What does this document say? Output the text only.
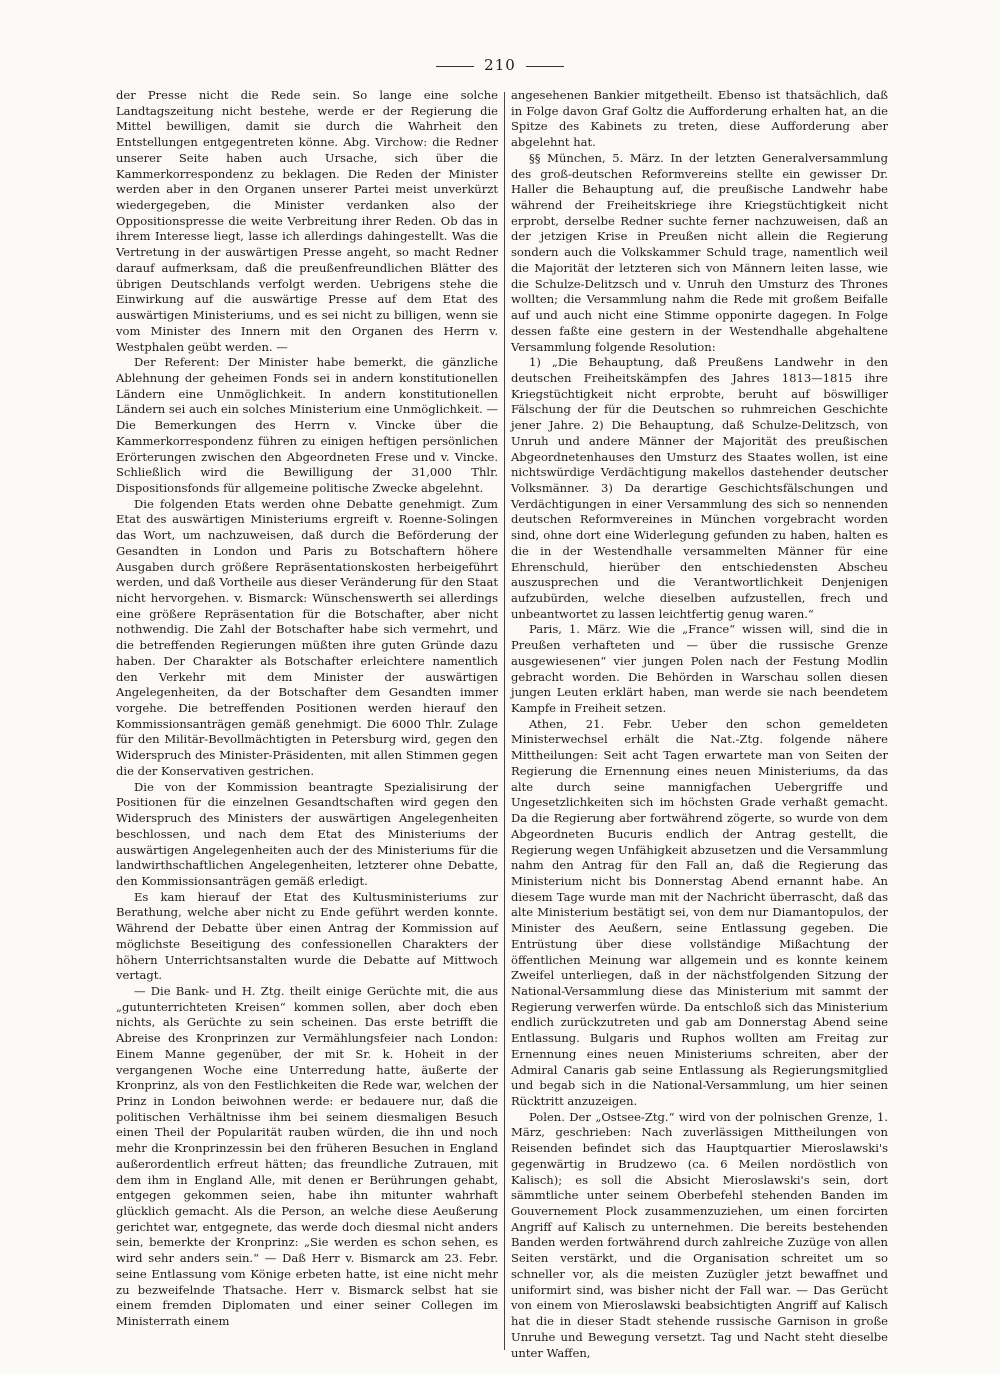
210

der Presse nicht die Rede sein. So lange eine solche Landtagszeitung nicht bestehe, werde er der Regierung die Mittel bewilligen, damit sie durch die Wahrheit den Entstellungen entgegentreten könne. Abg. Virchow: die Redner unserer Seite haben auch Ursache, sich über die Kammerkorrespondenz zu beklagen. Die Reden der Minister werden aber in den Organen unserer Partei meist unverkürzt wiedergegeben, die Minister verdanken also der Oppositionspresse die weite Verbreitung ihrer Reden. Ob das in ihrem Interesse liegt, lasse ich allerdings dahingestellt. Was die Vertretung in der auswärtigen Presse angeht, so macht Redner darauf aufmerksam, daß die preußenfreundlichen Blätter des übrigen Deutschlands verfolgt werden. Uebrigens stehe die Einwirkung auf die auswärtige Presse auf dem Etat des auswärtigen Ministeriums, und es sei nicht zu billigen, wenn sie vom Minister des Innern mit den Organen des Herrn v. Westphalen geübt werden. —

Der Referent: Der Minister habe bemerkt, die gänzliche Ablehnung der geheimen Fonds sei in andern konstitutionellen Ländern eine Unmöglichkeit. In andern konstitutionellen Ländern sei auch ein solches Ministerium eine Unmöglichkeit. — Die Bemerkungen des Herrn v. Vincke über die Kammerkorrespondenz führen zu einigen heftigen persönlichen Erörterungen zwischen den Abgeordneten Frese und v. Vincke. Schließlich wird die Bewilligung der 31,000 Thlr. Dispositionsfonds für allgemeine politische Zwecke abgelehnt.

Die folgenden Etats werden ohne Debatte genehmigt. Zum Etat des auswärtigen Ministeriums ergreift v. Roenne-Solingen das Wort, um nachzuweisen, daß durch die Beförderung der Gesandten in London und Paris zu Botschaftern höhere Ausgaben durch größere Repräsentationskosten herbeigeführt werden, und daß Vortheile aus dieser Veränderung für den Staat nicht hervorgehen. v. Bismarck: Wünschenswerth sei allerdings eine größere Repräsentation für die Botschafter, aber nicht nothwendig. Die Zahl der Botschafter habe sich vermehrt, und die betreffenden Regierungen müßten ihre guten Gründe dazu haben. Der Charakter als Botschafter erleichtere namentlich den Verkehr mit dem Minister der auswärtigen Angelegenheiten, da der Botschafter dem Gesandten immer vorgehe. Die betreffenden Positionen werden hierauf den Kommissionsanträgen gemäß genehmigt. Die 6000 Thlr. Zulage für den Militär-Bevollmächtigten in Petersburg wird, gegen den Widerspruch des Minister-Präsidenten, mit allen Stimmen gegen die der Konservativen gestrichen.

Die von der Kommission beantragte Spezialisirung der Positionen für die einzelnen Gesandtschaften wird gegen den Widerspruch des Ministers der auswärtigen Angelegenheiten beschlossen, und nach dem Etat des Ministeriums der auswärtigen Angelegenheiten auch der des Ministeriums für die landwirthschaftlichen Angelegenheiten, letzterer ohne Debatte, den Kommissionsanträgen gemäß erledigt.

Es kam hierauf der Etat des Kultusministeriums zur Berathung, welche aber nicht zu Ende geführt werden konnte. Während der Debatte über einen Antrag der Kommission auf möglichste Beseitigung des confessionellen Charakters der höhern Unterrichtsanstalten wurde die Debatte auf Mittwoch vertagt.

— Die Bank- und H. Ztg. theilt einige Gerüchte mit, die aus „gutunterrichteten Kreisen“ kommen sollen, aber doch eben nichts, als Gerüchte zu sein scheinen. Das erste betrifft die Abreise des Kronprinzen zur Vermählungsfeier nach London: Einem Manne gegenüber, der mit Sr. k. Hoheit in der vergangenen Woche eine Unterredung hatte, äußerte der Kronprinz, als von den Festlichkeiten die Rede war, welchen der Prinz in London beiwohnen werde: er bedauere nur, daß die politischen Verhältnisse ihm bei seinem diesmaligen Besuch einen Theil der Popularität rauben würden, die ihn und noch mehr die Kronprinzessin bei den früheren Besuchen in England außerordentlich erfreut hätten; das freundliche Zutrauen, mit dem ihm in England Alle, mit denen er Berührungen gehabt, entgegen gekommen seien, habe ihn mitunter wahrhaft glücklich gemacht. Als die Person, an welche diese Aeußerung gerichtet war, entgegnete, das werde doch diesmal nicht anders sein, bemerkte der Kronprinz: „Sie werden es schon sehen, es wird sehr anders sein.“ — Daß Herr v. Bismarck am 23. Febr. seine Entlassung vom Könige erbeten hatte, ist eine nicht mehr zu bezweifelnde Thatsache. Herr v. Bismarck selbst hat sie einem fremden Diplomaten und einer seiner Collegen im Ministerrath einem

angesehenen Bankier mitgetheilt. Ebenso ist thatsächlich, daß in Folge davon Graf Goltz die Aufforderung erhalten hat, an die Spitze des Kabinets zu treten, diese Aufforderung aber abgelehnt hat.

§§ München, 5. März. In der letzten Generalversammlung des groß-deutschen Reformvereins stellte ein gewisser Dr. Haller die Behauptung auf, die preußische Landwehr habe während der Freiheitskriege ihre Kriegstüchtigkeit nicht erprobt, derselbe Redner suchte ferner nachzuweisen, daß an der jetzigen Krise in Preußen nicht allein die Regierung sondern auch die Volkskammer Schuld trage, namentlich weil die Majorität der letzteren sich von Männern leiten lasse, wie die Schulze-Delitzsch und v. Unruh den Umsturz des Thrones wollten; die Versammlung nahm die Rede mit großem Beifalle auf und auch nicht eine Stimme opponirte dagegen. In Folge dessen faßte eine gestern in der Westendhalle abgehaltene Versammlung folgende Resolution:

1) „Die Behauptung, daß Preußens Landwehr in den deutschen Freiheitskämpfen des Jahres 1813—1815 ihre Kriegstüchtigkeit nicht erprobte, beruht auf böswilliger Fälschung der für die Deutschen so ruhmreichen Geschichte jener Jahre. 2) Die Behauptung, daß Schulze-Delitzsch, von Unruh und andere Männer der Majorität des preußischen Abgeordnetenhauses den Umsturz des Staates wollen, ist eine nichtswürdige Verdächtigung makellos dastehender deutscher Volksmänner. 3) Da derartige Geschichtsfälschungen und Verdächtigungen in einer Versammlung des sich so nennenden deutschen Reformvereines in München vorgebracht worden sind, ohne dort eine Widerlegung gefunden zu haben, halten es die in der Westendhalle versammelten Männer für eine Ehrenschuld, hierüber den entschiedensten Abscheu auszusprechen und die Verantwortlichkeit Denjenigen aufzubürden, welche dieselben aufzustellen, frech und unbeantwortet zu lassen leichtfertig genug waren.“

Paris, 1. März. Wie die „France“ wissen will, sind die in Preußen verhafteten und — über die russische Grenze ausgewiesenen“ vier jungen Polen nach der Festung Modlin gebracht worden. Die Behörden in Warschau sollen diesen jungen Leuten erklärt haben, man werde sie nach beendetem Kampfe in Freiheit setzen.

Athen, 21. Febr. Ueber den schon gemeldeten Ministerwechsel erhält die Nat.-Ztg. folgende nähere Mittheilungen: Seit acht Tagen erwartete man von Seiten der Regierung die Ernennung eines neuen Ministeriums, da das alte durch seine mannigfachen Uebergriffe und Ungesetzlichkeiten sich im höchsten Grade verhaßt gemacht. Da die Regierung aber fortwährend zögerte, so wurde von dem Abgeordneten Bucuris endlich der Antrag gestellt, die Regierung wegen Unfähigkeit abzusetzen und die Versammlung nahm den Antrag für den Fall an, daß die Regierung das Ministerium nicht bis Donnerstag Abend ernannt habe. An diesem Tage wurde man mit der Nachricht überrascht, daß das alte Ministerium bestätigt sei, von dem nur Diamantopulos, der Minister des Aeußern, seine Entlassung gegeben. Die Entrüstung über diese vollständige Mißachtung der öffentlichen Meinung war allgemein und es konnte keinem Zweifel unterliegen, daß in der nächstfolgenden Sitzung der National-Versammlung diese das Ministerium mit sammt der Regierung verwerfen würde. Da entschloß sich das Ministerium endlich zurückzutreten und gab am Donnerstag Abend seine Entlassung. Bulgaris und Ruphos wollten am Freitag zur Ernennung eines neuen Ministeriums schreiten, aber der Admiral Canaris gab seine Entlassung als Regierungsmitglied und begab sich in die National-Versammlung, um hier seinen Rücktritt anzuzeigen.

Polen. Der „Ostsee-Ztg.“ wird von der polnischen Grenze, 1. März, geschrieben: Nach zuverlässigen Mittheilungen von Reisenden befindet sich das Hauptquartier Mieroslawski's gegenwärtig in Brudzewo (ca. 6 Meilen nordöstlich von Kalisch); es soll die Absicht Mieroslawski's sein, dort sämmtliche unter seinem Oberbefehl stehenden Banden im Gouvernement Plock zusammenzuziehen, um einen forcirten Angriff auf Kalisch zu unternehmen. Die bereits bestehenden Banden werden fortwährend durch zahlreiche Zuzüge von allen Seiten verstärkt, und die Organisation schreitet um so schneller vor, als die meisten Zuzügler jetzt bewaffnet und uniformirt sind, was bisher nicht der Fall war. — Das Gerücht von einem von Mieroslawski beabsichtigten Angriff auf Kalisch hat die in dieser Stadt stehende russische Garnison in große Unruhe und Bewegung versetzt. Tag und Nacht steht dieselbe unter Waffen,
